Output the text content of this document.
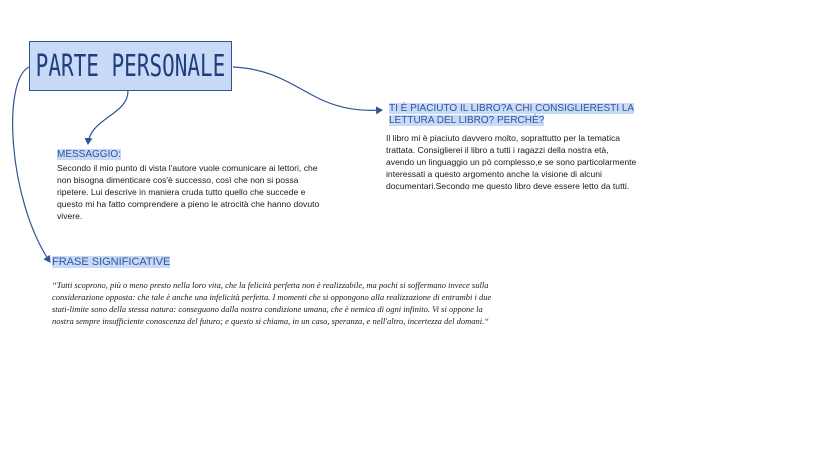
PARTE PERSONALE
TI È PIACIUTO IL LIBRO?A CHI CONSIGLIERESTI LA LETTURA DEL LIBRO? PERCHÈ?
Il libro mi è piaciuto davvero molto, soprattutto per la tematica trattata. Consiglierei il libro a tutti i ragazzi della nostra età, avendo un linguaggio un pò complesso,e se sono particolarmente interessati a questo argomento anche la visione di alcuni documentari.Secondo me questo libro deve essere letto da tutti.
MESSAGGIO:
Secondo il mio punto di vista l'autore vuole comunicare ai lettori, che non bisogna dimenticare cos'è successo, così che non si possa ripetere. Lui descrive in maniera cruda tutto quello che succede e questo mi ha fatto comprendere a pieno le atrocità che hanno dovuto vivere.
FRASE SIGNIFICATIVE
“Tutti scoprono, più o meno presto nella loro vita, che la felicità perfetta non è realizzabile, ma pochi si soffermano invece sulla considerazione opposta: che tale è anche una infelicità perfetta. I momenti che si oppongono alla realizzazione di entrambi i due stati-limite sono della stessa natura: conseguono dalla nostra condizione umana, che è nemica di ogni infinito. Vi si oppone la nostra sempre insufficiente conoscenza del futuro; e questo si chiama, in un caso, speranza, e nell'altro, incertezza del domani.“
